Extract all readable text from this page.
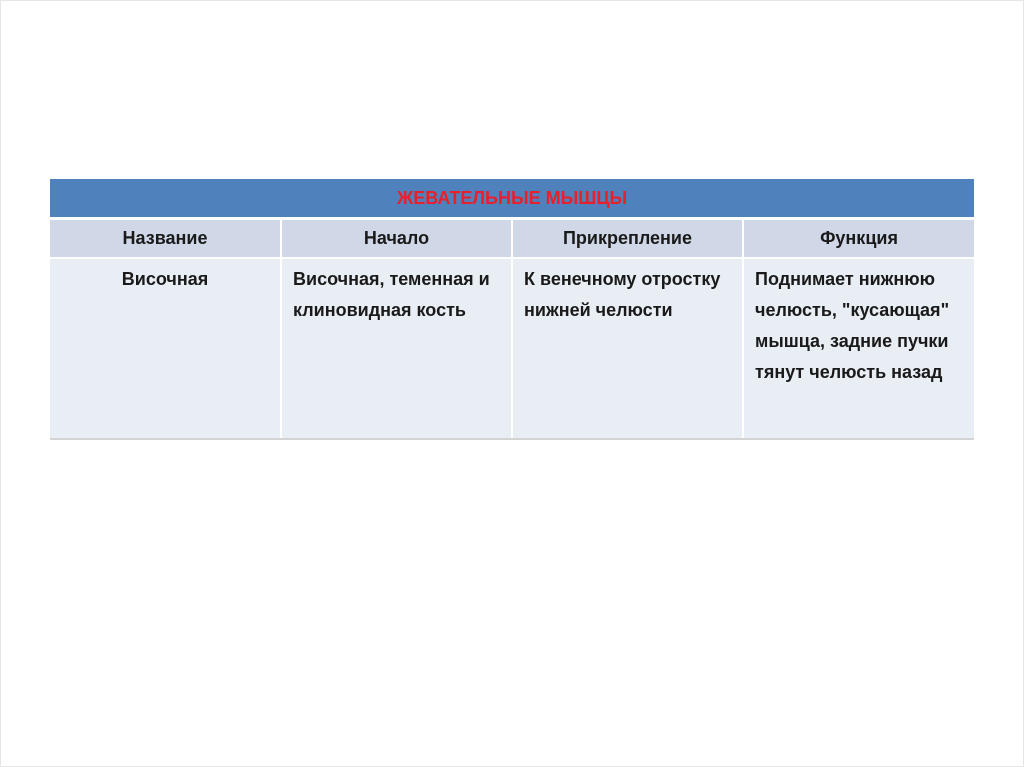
ЖЕВАТЕЛЬНЫЕ МЫШЦЫ			
Название	Начало	Прикрепление	Функция
Височная	Височная, теменная и клиновидная кость	К венечному отростку нижней челюсти	Поднимает нижнюю челюсть, "кусающая" мышца, задние пучки тянут челюсть назад
